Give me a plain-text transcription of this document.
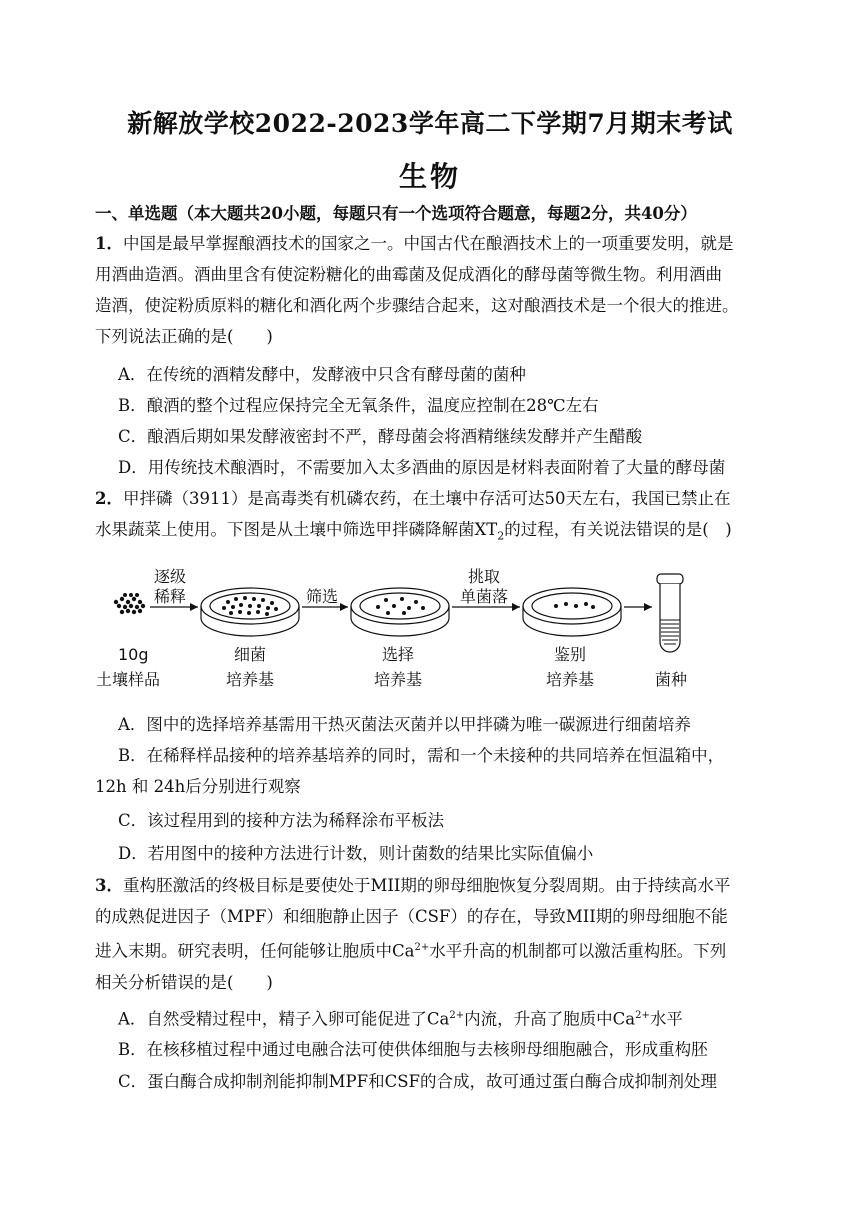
新解放学校2022-2023学年高二下学期7月期末考试
生物
一、单选题（本大题共20小题，每题只有一个选项符合题意，每题2分，共40分）
1．中国是最早掌握酿酒技术的国家之一。中国古代在酿酒技术上的一项重要发明，就是
用酒曲造酒。酒曲里含有使淀粉糖化的曲霉菌及促成酒化的酵母菌等微生物。利用酒曲
造酒，使淀粉质原料的糖化和酒化两个步骤结合起来，这对酿酒技术是一个很大的推进。
下列说法正确的是(　　)
A．在传统的酒精发酵中，发酵液中只含有酵母菌的菌种
B．酿酒的整个过程应保持完全无氧条件，温度应控制在28℃左右
C．酿酒后期如果发酵液密封不严，酵母菌会将酒精继续发酵并产生醋酸
D．用传统技术酿酒时，不需要加入太多酒曲的原因是材料表面附着了大量的酵母菌
2．甲拌磷（3911）是高毒类有机磷农药，在土壤中存活可达50天左右，我国已禁止在
水果蔬菜上使用。下图是从土壤中筛选甲拌磷降解菌$XT_2$的过程，有关说法错误的是(　)
10g
土壤样品
逐级
稀释
细菌
培养基
筛选
选择
培养基
挑取
单菌落
鉴别
培养基	菌种
A．图中的选择培养基需用干热灭菌法灭菌并以甲拌磷为唯一碳源进行细菌培养
B．在稀释样品接种的培养基培养的同时，需和一个未接种的共同培养在恒温箱中，
12h 和 24h后分别进行观察
C．该过程用到的接种方法为稀释涂布平板法
D．若用图中的接种方法进行计数，则计菌数的结果比实际值偏小
3．重构胚激活的终极目标是要使处于MII期的卵母细胞恢复分裂周期。由于持续高水平
的成熟促进因子（MPF）和细胞静止因子（CSF）的存在，导致MII期的卵母细胞不能
进入末期。研究表明，任何能够让胞质中$Ca^{2+}$水平升高的机制都可以激活重构胚。下列
相关分析错误的是(　　)
A．自然受精过程中，精子入卵可能促进了$Ca^{2+}$内流，升高了胞质中$Ca^{2+}$水平
B．在核移植过程中通过电融合法可使供体细胞与去核卵母细胞融合，形成重构胚
C．蛋白酶合成抑制剂能抑制MPF和CSF的合成，故可通过蛋白酶合成抑制剂处理
